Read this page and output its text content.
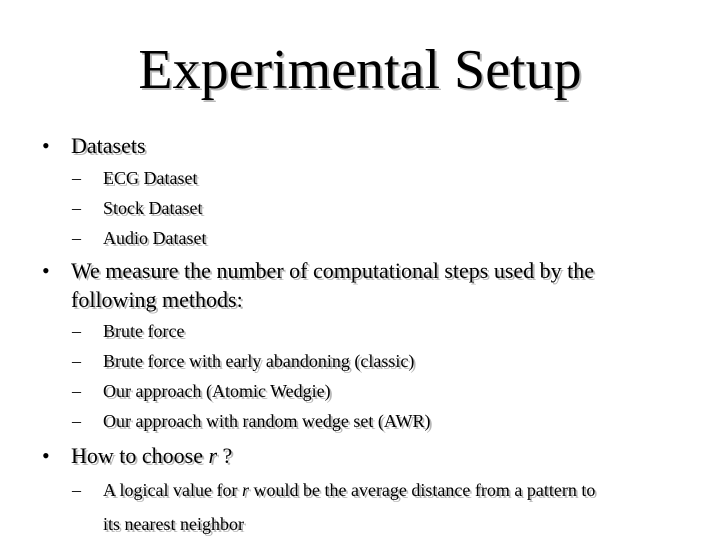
Experimental Setup
• Datasets
– ECG Dataset
– Stock Dataset
– Audio Dataset
• We measure the number of computational steps used by the
following methods:
– Brute force
– Brute force with early abandoning (classic)
– Our approach (Atomic Wedgie)
– Our approach with random wedge set (AWR)
• How to choose r ?
– A logical value for r would be the average distance from a pattern to
its nearest neighbor
